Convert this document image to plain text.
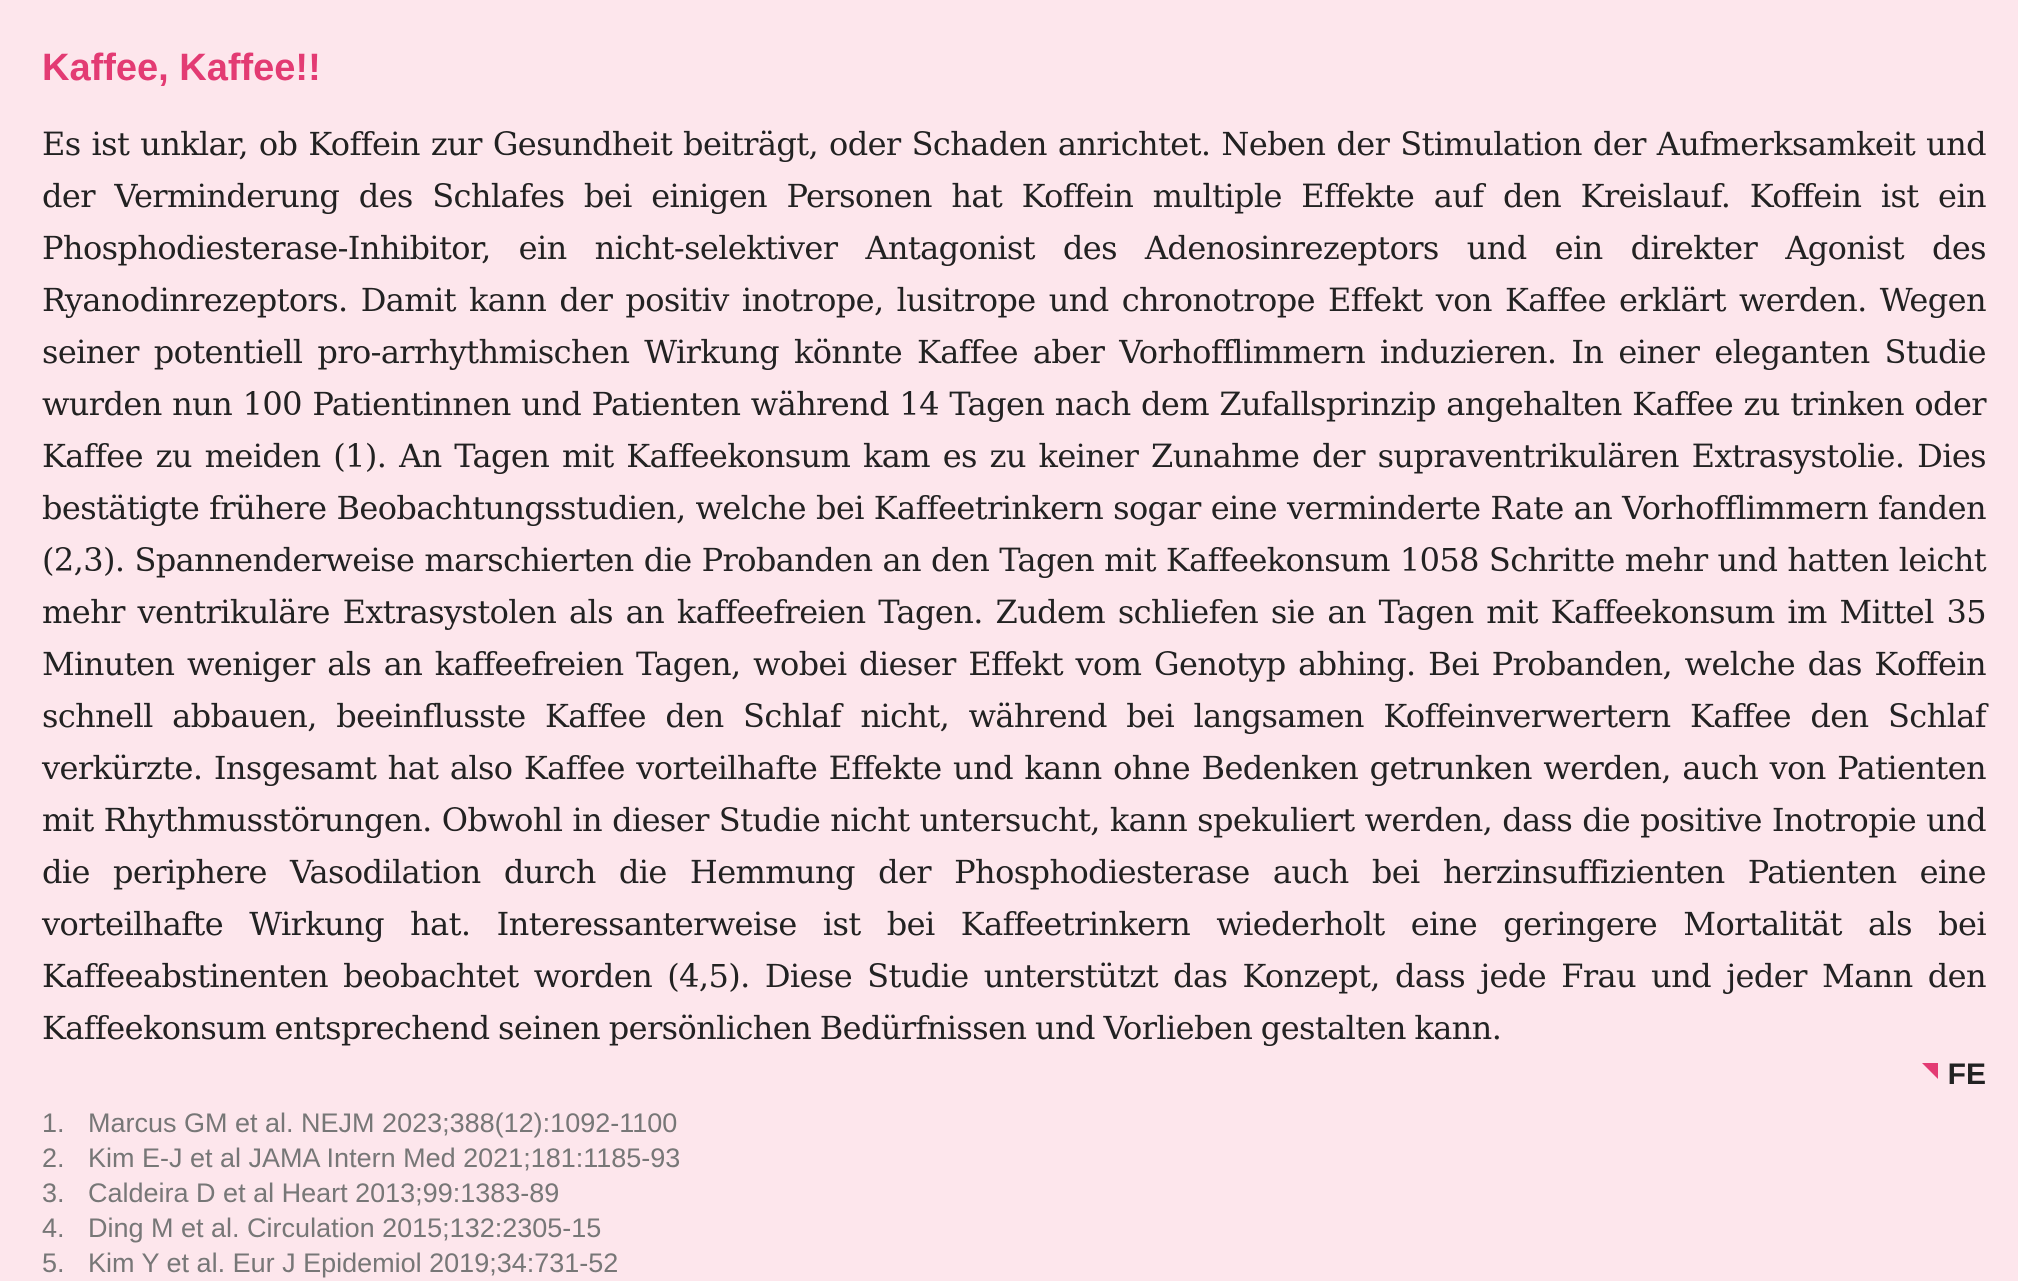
Kaffee, Kaffee!!

Es ist unklar, ob Koffein zur Gesundheit beiträgt, oder Schaden anrichtet. Neben der Stimulation der Aufmerksamkeit und der Verminderung des Schlafes bei einigen Personen hat Koffein multiple Effekte auf den Kreislauf. Koffein ist ein Phosphodiesterase-Inhibitor, ein nicht-selektiver Antagonist des Adenosinrezeptors und ein direkter Agonist des Ryanodinrezeptors. Damit kann der positiv inotrope, lusitrope und chronotrope Effekt von Kaffee erklärt werden. Wegen seiner potentiell pro-arrhythmischen Wirkung könnte Kaffee aber Vorhofflimmern induzieren. In einer eleganten Studie wurden nun 100 Patientinnen und Patienten während 14 Tagen nach dem Zufallsprinzip angehalten Kaffee zu trinken oder Kaffee zu meiden (1). An Tagen mit Kaffeekonsum kam es zu keiner Zunahme der supraventrikulären Extrasystolie. Dies bestätigte frühere Beobachtungsstudien, welche bei Kaffeetrinkern sogar eine verminderte Rate an Vorhofflimmern fanden (2,3). Spannenderweise marschierten die Probanden an den Tagen mit Kaffeekonsum 1058 Schritte mehr und hatten leicht mehr ventrikuläre Extrasystolen als an kaffeefreien Tagen. Zudem schliefen sie an Tagen mit Kaffeekonsum im Mittel 35 Minuten weniger als an kaffeefreien Tagen, wobei dieser Effekt vom Genotyp abhing. Bei Probanden, welche das Koffein schnell abbauen, beeinflusste Kaffee den Schlaf nicht, während bei langsamen Koffeinverwertern Kaffee den Schlaf verkürzte. Insgesamt hat also Kaffee vorteilhafte Effekte und kann ohne Bedenken getrunken werden, auch von Patienten mit Rhythmusstörungen. Obwohl in dieser Studie nicht untersucht, kann spekuliert werden, dass die positive Inotropie und die periphere Vasodilation durch die Hemmung der Phosphodiesterase auch bei herzinsuffizienten Patienten eine vorteilhafte Wirkung hat. Interessanterweise ist bei Kaffeetrinkern wiederholt eine geringere Mortalität als bei Kaffeeabstinenten beobachtet worden (4,5). Diese Studie unterstützt das Konzept, dass jede Frau und jeder Mann den Kaffeekonsum entsprechend seinen persönlichen Bedürfnissen und Vorlieben gestalten kann.

FE
1. Marcus GM et al. NEJM 2023;388(12):1092-1100
2. Kim E-J et al JAMA Intern Med 2021;181:1185-93
3. Caldeira D et al Heart 2013;99:1383-89
4. Ding M et al. Circulation 2015;132:2305-15
5. Kim Y et al. Eur J Epidemiol 2019;34:731-52
